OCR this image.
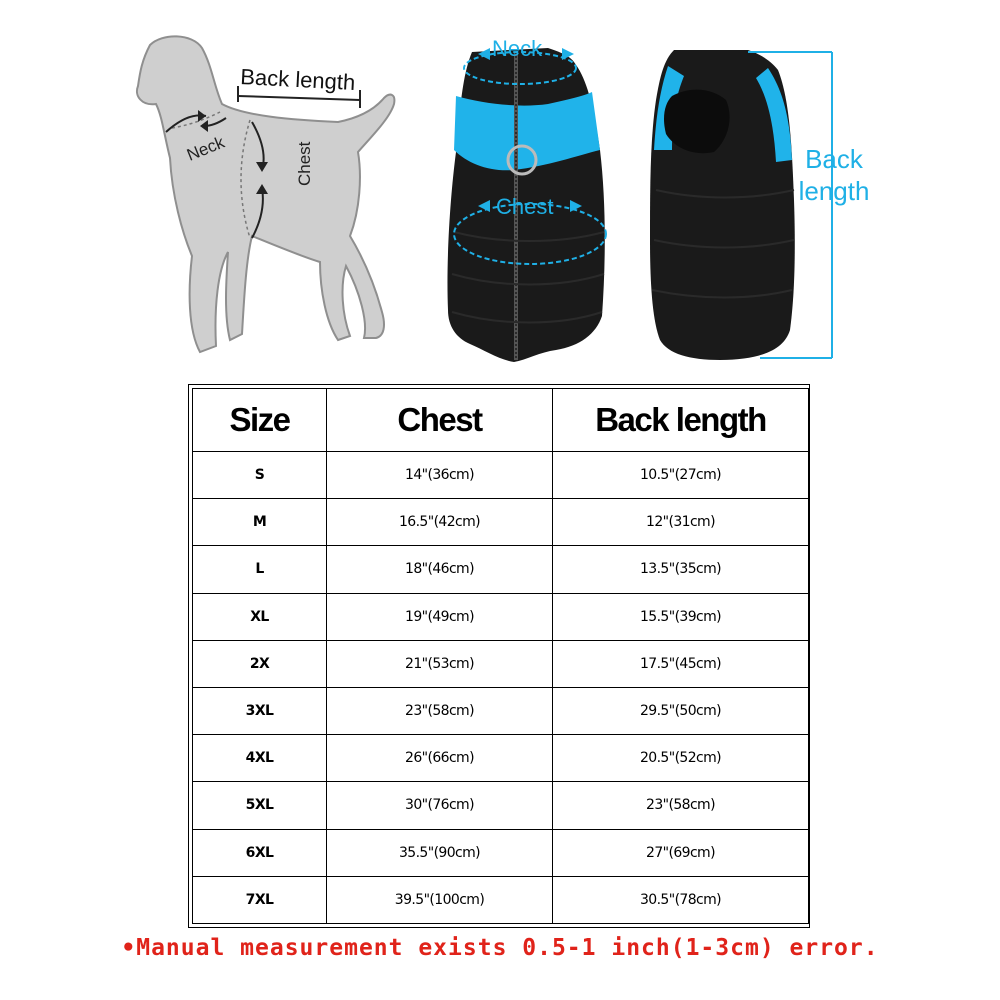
Neck
Back length
Chest
Neck
Chest
Back
length
Size	Chest	Back length
S	14"(36cm)	10.5"(27cm)
M	16.5"(42cm)	12"(31cm)
L	18"(46cm)	13.5"(35cm)
XL	19"(49cm)	15.5"(39cm)
2X	21"(53cm)	17.5"(45cm)
3XL	23"(58cm)	29.5"(50cm)
4XL	26"(66cm)	20.5"(52cm)
5XL	30"(76cm)	23"(58cm)
6XL	35.5"(90cm)	27"(69cm)
7XL	39.5"(100cm)	30.5"(78cm)
•Manual measurement exists 0.5-1 inch(1-3cm) error.
